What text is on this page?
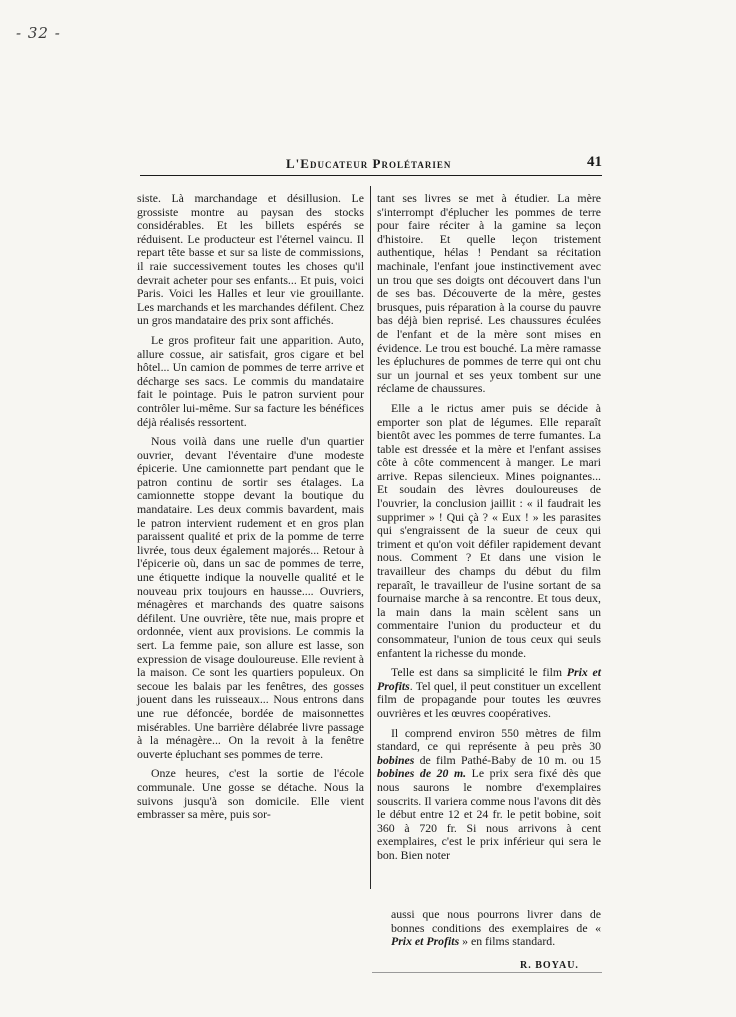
- 32 -
L'Educateur Prolétarien	41

siste. Là marchandage et désillusion. Le grossiste montre au paysan des stocks considérables. Et les billets espérés se réduisent. Le producteur est l'éternel vaincu. Il repart tête basse et sur sa liste de commissions, il raie successivement toutes les choses qu'il devrait acheter pour ses enfants... Et puis, voici Paris. Voici les Halles et leur vie grouillante. Les marchands et les marchandes défilent. Chez un gros mandataire des prix sont affichés.

Le gros profiteur fait une apparition. Auto, allure cossue, air satisfait, gros cigare et bel hôtel... Un camion de pommes de terre arrive et décharge ses sacs. Le commis du mandataire fait le pointage. Puis le patron survient pour contrôler lui-même. Sur sa facture les bénéfices déjà réalisés ressortent.

Nous voilà dans une ruelle d'un quartier ouvrier, devant l'éventaire d'une modeste épicerie. Une camionnette part pendant que le patron continu de sortir ses étalages. La camionnette stoppe devant la boutique du mandataire. Les deux commis bavardent, mais le patron intervient rudement et en gros plan paraissent qualité et prix de la pomme de terre livrée, tous deux également majorés... Retour à l'épicerie où, dans un sac de pommes de terre, une étiquette indique la nouvelle qualité et le nouveau prix toujours en hausse.... Ouvriers, ménagères et marchands des quatre saisons défilent. Une ouvrière, tête nue, mais propre et ordonnée, vient aux provisions. Le commis la sert. La femme paie, son allure est lasse, son expression de visage douloureuse. Elle revient à la maison. Ce sont les quartiers populeux. On secoue les balais par les fenêtres, des gosses jouent dans les ruisseaux... Nous entrons dans une rue défoncée, bordée de maisonnettes misérables. Une barrière délabrée livre passage à la ménagère... On la revoit à la fenêtre ouverte épluchant ses pommes de terre.

Onze heures, c'est la sortie de l'école communale. Une gosse se détache. Nous la suivons jusqu'à son domicile. Elle vient embrasser sa mère, puis sor-

tant ses livres se met à étudier. La mère s'interrompt d'éplucher les pommes de terre pour faire réciter à la gamine sa leçon d'histoire. Et quelle leçon tristement authentique, hélas ! Pendant sa récitation machinale, l'enfant joue instinctivement avec un trou que ses doigts ont découvert dans l'un de ses bas. Découverte de la mère, gestes brusques, puis réparation à la course du pauvre bas déjà bien reprisé. Les chaussures éculées de l'enfant et de la mère sont mises en évidence. Le trou est bouché. La mère ramasse les épluchures de pommes de terre qui ont chu sur un journal et ses yeux tombent sur une réclame de chaussures.

Elle a le rictus amer puis se décide à emporter son plat de légumes. Elle reparaît bientôt avec les pommes de terre fumantes. La table est dressée et la mère et l'enfant assises côte à côte commencent à manger. Le mari arrive. Repas silencieux. Mines poignantes... Et soudain des lèvres douloureuses de l'ouvrier, la conclusion jaillit : « il faudrait les supprimer » ! Qui çà ? « Eux ! » les parasites qui s'engraissent de la sueur de ceux qui triment et qu'on voit défiler rapidement devant nous. Comment ? Et dans une vision le travailleur des champs du début du film reparaît, le travailleur de l'usine sortant de sa fournaise marche à sa rencontre. Et tous deux, la main dans la main scèlent sans un commentaire l'union du producteur et du consommateur, l'union de tous ceux qui seuls enfantent la richesse du monde.

Telle est dans sa simplicité le film Prix et Profits. Tel quel, il peut constituer un excellent film de propagande pour toutes les œuvres ouvrières et les œuvres coopératives.

Il comprend environ 550 mètres de film standard, ce qui représente à peu près 30 bobines de film Pathé-Baby de 10 m. ou 15 bobines de 20 m. Le prix sera fixé dès que nous saurons le nombre d'exemplaires souscrits. Il variera comme nous l'avons dit dès le début entre 12 et 24 fr. le petit bobine, soit 360 à 720 fr. Si nous arrivons à cent exemplaires, c'est le prix inférieur qui sera le bon. Bien noter

aussi que nous pourrons livrer dans de bonnes conditions des exemplaires de « Prix et Profits » en films standard.

R. BOYAU.
